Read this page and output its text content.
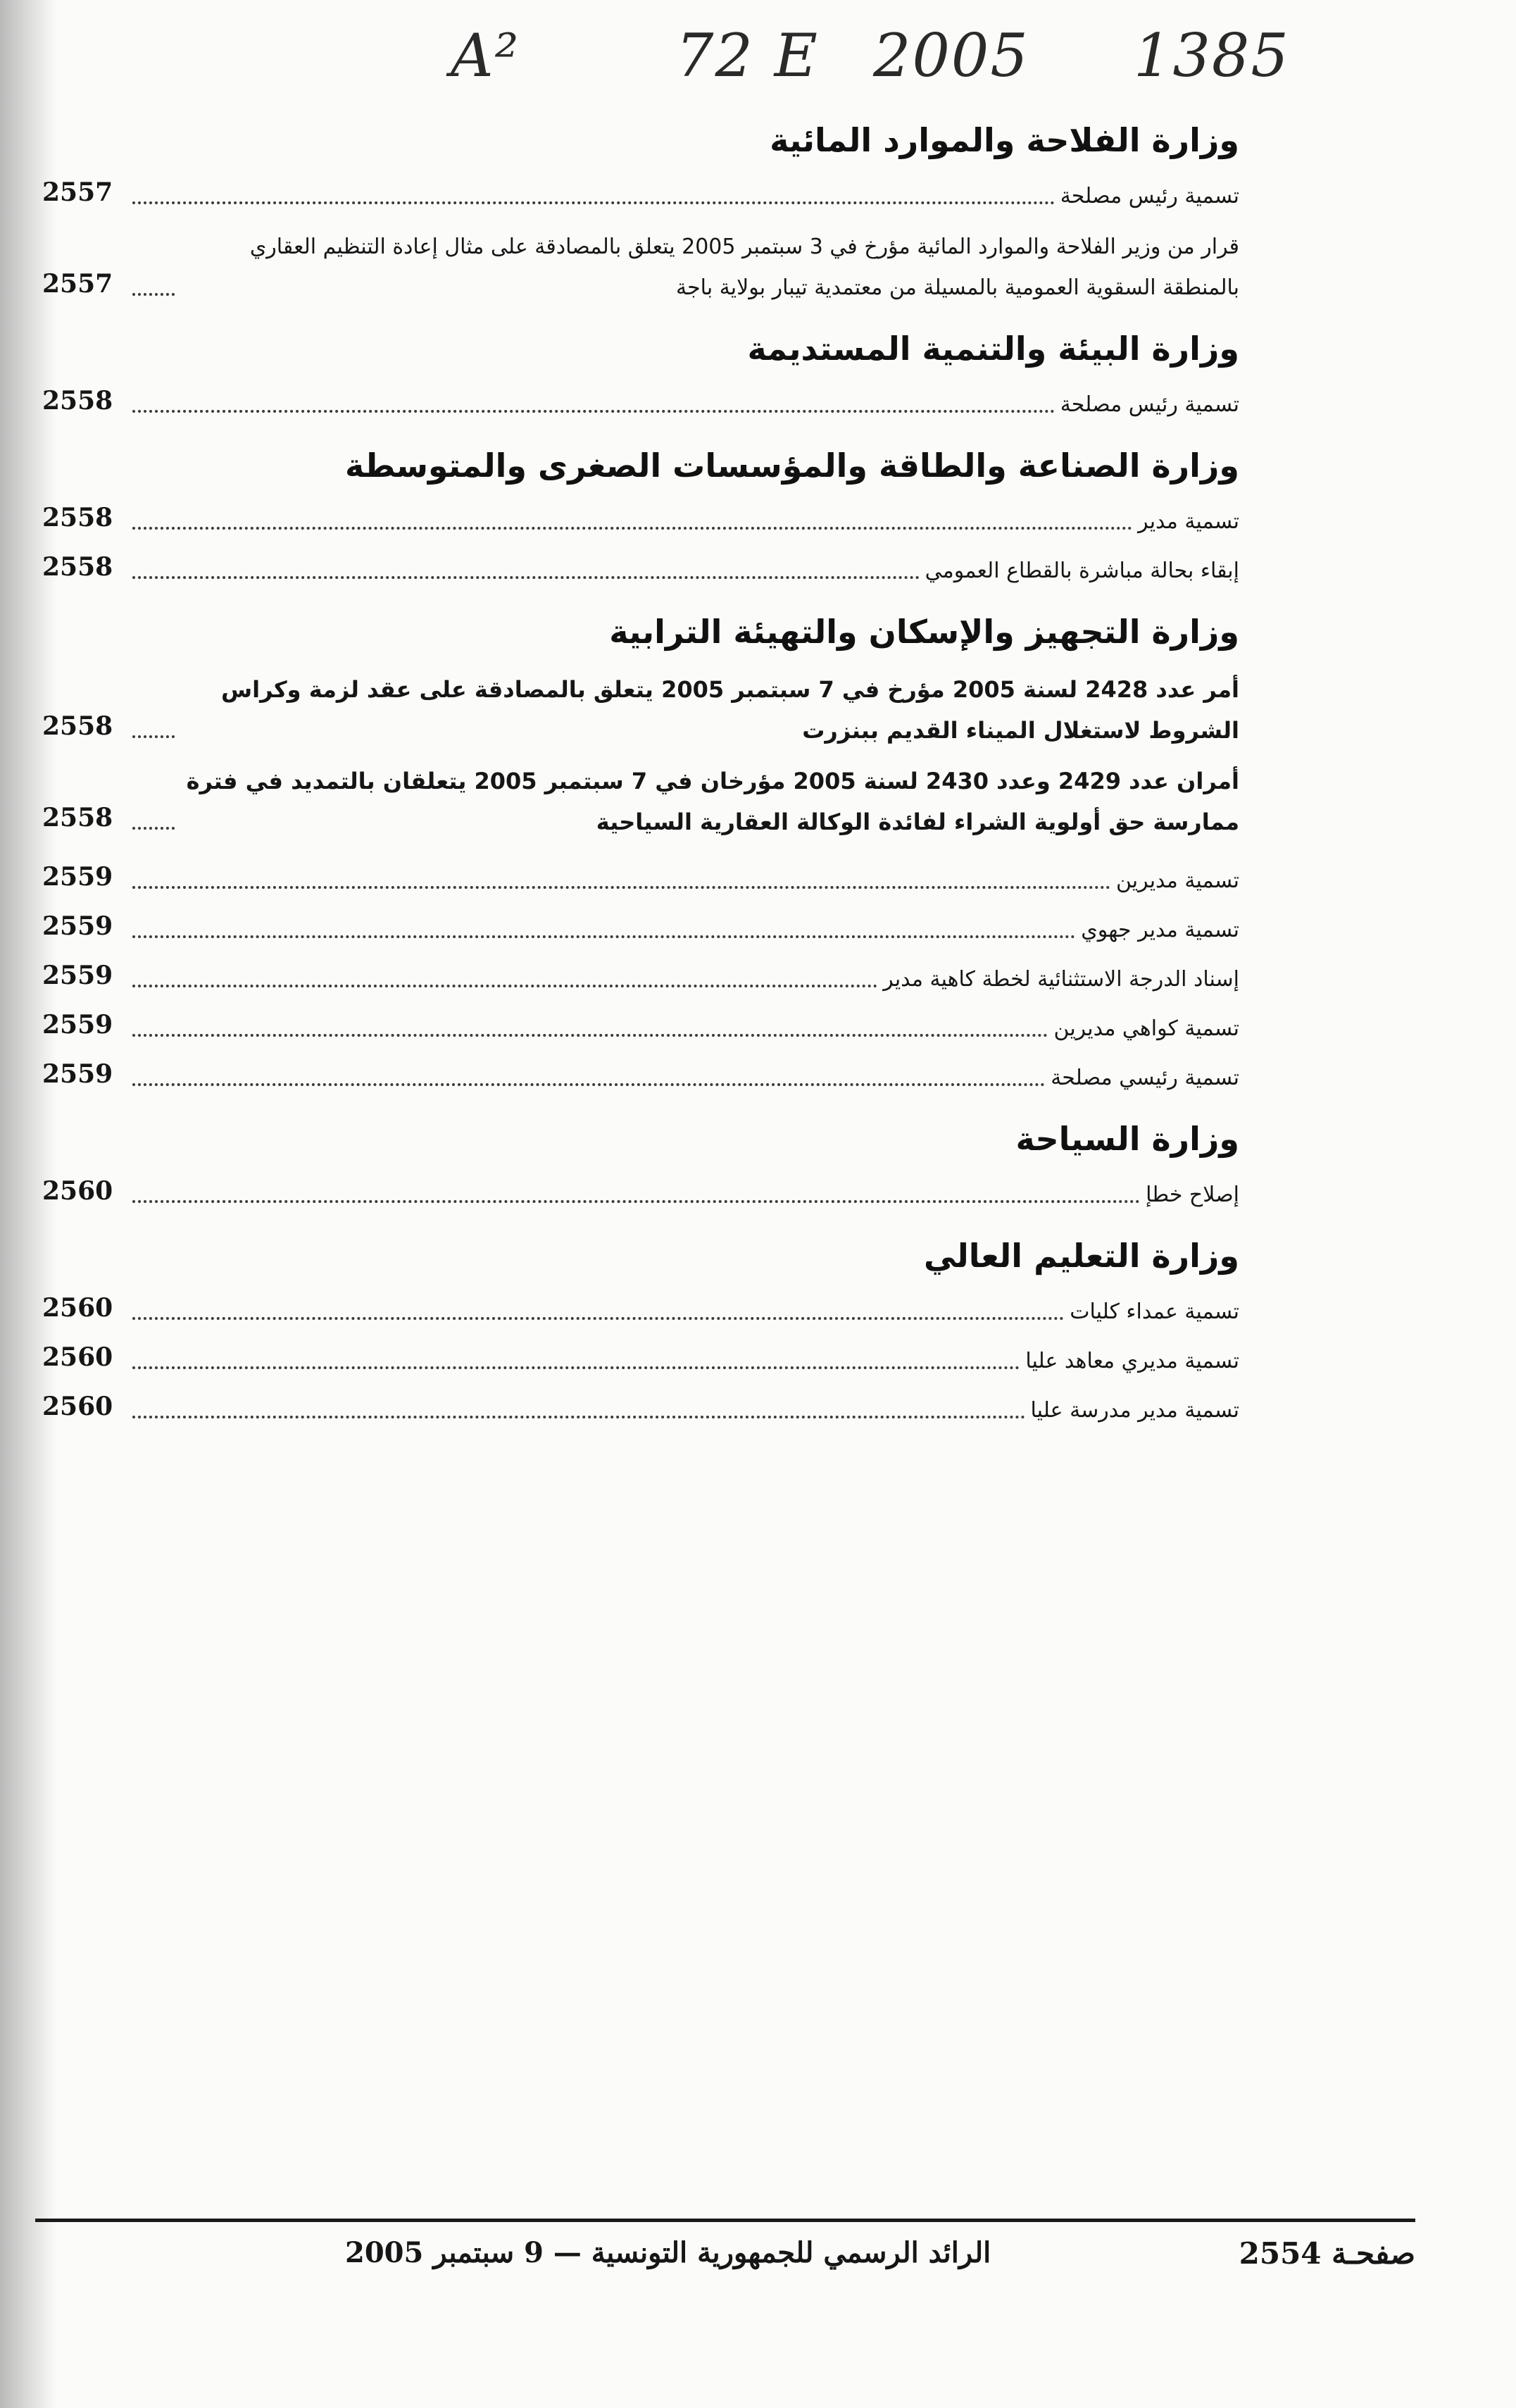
A²	72 E 2005 1385
وزارة الفلاحة والموارد المائية
تسمية رئيس مصلحة
2557
قرار من وزير الفلاحة والموارد المائية مؤرخ في 3 سبتمبر 2005 يتعلق بالمصادقة على مثال إعادة التنظيم العقاري بالمنطقة السقوية العمومية بالمسيلة من معتمدية تيبار بولاية باجة
2557
وزارة البيئة والتنمية المستديمة
تسمية رئيس مصلحة
2558
وزارة الصناعة والطاقة والمؤسسات الصغرى والمتوسطة
تسمية مدير
2558
إبقاء بحالة مباشرة بالقطاع العمومي
2558
وزارة التجهيز والإسكان والتهيئة الترابية
أمر عدد 2428 لسنة 2005 مؤرخ في 7 سبتمبر 2005 يتعلق بالمصادقة على عقد لزمة وكراس الشروط لاستغلال الميناء القديم ببنزرت
2558
أمران عدد 2429 وعدد 2430 لسنة 2005 مؤرخان في 7 سبتمبر 2005 يتعلقان بالتمديد في فترة ممارسة حق أولوية الشراء لفائدة الوكالة العقارية السياحية
2558
تسمية مديرين
2559
تسمية مدير جهوي
2559
إسناد الدرجة الاستثنائية لخطة كاهية مدير
2559
تسمية كواهي مديرين
2559
تسمية رئيسي مصلحة
2559
وزارة السياحة
إصلاح خطإ
2560
وزارة التعليم العالي
تسمية عمداء كليات
2560
تسمية مديري معاهد عليا
2560
تسمية مدير مدرسة عليا
2560
صفحـة 2554
الرائد الرسمي للجمهورية التونسية — 9 سبتمبر 2005
